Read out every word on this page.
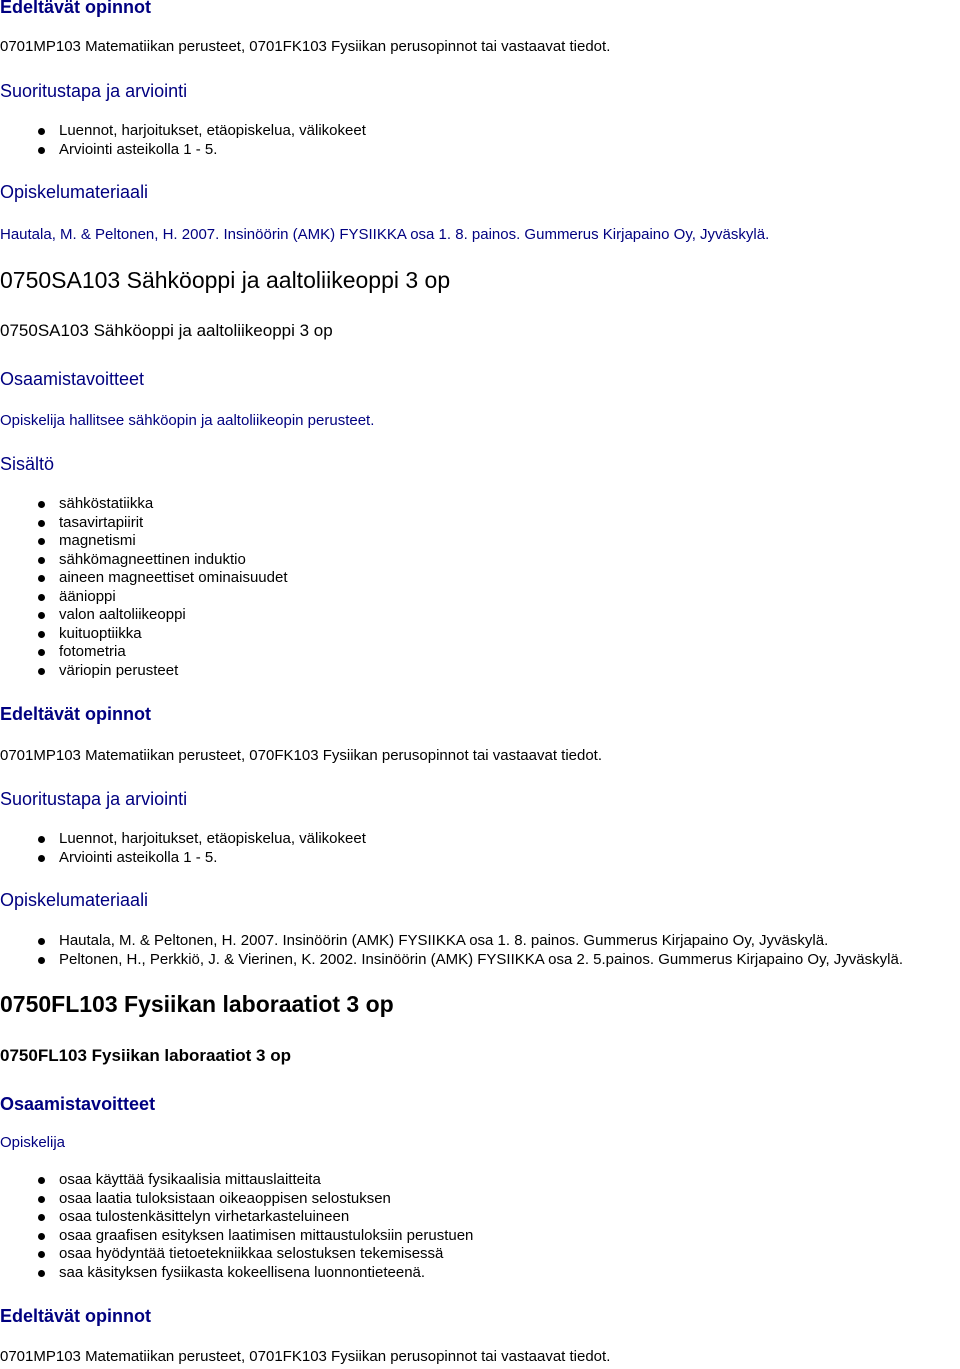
Edeltävät opinnot

0701MP103 Matematiikan perusteet, 0701FK103 Fysiikan perusopinnot tai vastaavat tiedot.

Suoritustapa ja arviointi

Luennot, harjoitukset, etäopiskelua, välikokeet
Arviointi asteikolla 1 - 5.

Opiskelumateriaali

Hautala, M. & Peltonen, H. 2007. Insinöörin (AMK) FYSIIKKA osa 1. 8. painos. Gummerus Kirjapaino Oy, Jyväskylä.

0750SA103 Sähköoppi ja aaltoliikeoppi 3 op

0750SA103 Sähköoppi ja aaltoliikeoppi 3 op

Osaamistavoitteet

Opiskelija hallitsee sähköopin ja aaltoliikeopin perusteet.

Sisältö

sähköstatiikka
tasavirtapiirit
magnetismi
sähkömagneettinen induktio
aineen magneettiset ominaisuudet
äänioppi
valon aaltoliikeoppi
kuituoptiikka
fotometria
väriopin perusteet

Edeltävät opinnot

0701MP103 Matematiikan perusteet, 070FK103 Fysiikan perusopinnot tai vastaavat tiedot.

Suoritustapa ja arviointi

Luennot, harjoitukset, etäopiskelua, välikokeet
Arviointi asteikolla 1 - 5.

Opiskelumateriaali

Hautala, M. & Peltonen, H. 2007. Insinöörin (AMK) FYSIIKKA osa 1. 8. painos. Gummerus Kirjapaino Oy, Jyväskylä.
Peltonen, H., Perkkiö, J. & Vierinen, K. 2002. Insinöörin (AMK) FYSIIKKA osa 2. 5.painos. Gummerus Kirjapaino Oy, Jyväskylä.

0750FL103 Fysiikan laboraatiot 3 op

0750FL103 Fysiikan laboraatiot 3 op

Osaamistavoitteet

Opiskelija

osaa käyttää fysikaalisia mittauslaitteita
osaa laatia tuloksistaan oikeaoppisen selostuksen
osaa tulostenkäsittelyn virhetarkasteluineen
osaa graafisen esityksen laatimisen mittaustuloksiin perustuen
osaa hyödyntää tietoetekniikkaa selostuksen tekemisessä
saa käsityksen fysiikasta kokeellisena luonnontieteenä.

Edeltävät opinnot

0701MP103 Matematiikan perusteet, 0701FK103 Fysiikan perusopinnot tai vastaavat tiedot.
